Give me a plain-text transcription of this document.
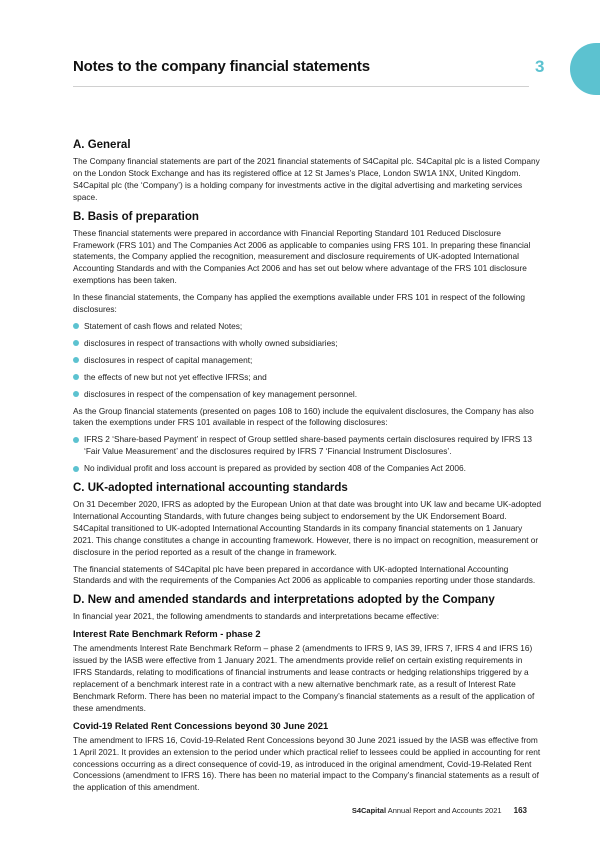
3
Notes to the company financial statements
A. General

The Company financial statements are part of the 2021 financial statements of S4Capital plc. S4Capital plc is a listed Company on the London Stock Exchange and has its registered office at 12 St James’s Place, London SW1A 1NX, United Kingdom. S4Capital plc (the ‘Company’) is a holding company for investments active in the digital advertising and marketing services space.

B. Basis of preparation

These financial statements were prepared in accordance with Financial Reporting Standard 101 Reduced Disclosure Framework (FRS 101) and The Companies Act 2006 as applicable to companies using FRS 101. In preparing these financial statements, the Company applied the recognition, measurement and disclosure requirements of UK-adopted International Accounting Standards and with the Companies Act 2006 and has set out below where advantage of the FRS 101 disclosure exemptions has been taken.

In these financial statements, the Company has applied the exemptions available under FRS 101 in respect of the following disclosures:

Statement of cash flows and related Notes;
disclosures in respect of transactions with wholly owned subsidiaries;
disclosures in respect of capital management;
the effects of new but not yet effective IFRSs; and
disclosures in respect of the compensation of key management personnel.

As the Group financial statements (presented on pages 108 to 160) include the equivalent disclosures, the Company has also taken the exemptions under FRS 101 available in respect of the following disclosures:

IFRS 2 ‘Share-based Payment’ in respect of Group settled share-based payments certain disclosures required by IFRS 13 ‘Fair Value Measurement’ and the disclosures required by IFRS 7 ‘Financial Instrument Disclosures’.
No individual profit and loss account is prepared as provided by section 408 of the Companies Act 2006.
C. UK-adopted international accounting standards

On 31 December 2020, IFRS as adopted by the European Union at that date was brought into UK law and became UK-adopted International Accounting Standards, with future changes being subject to endorsement by the UK Endorsement Board. S4Capital transitioned to UK-adopted International Accounting Standards in its company financial statements on 1 January 2021. This change constitutes a change in accounting framework. However, there is no impact on recognition, measurement or disclosure in the period reported as a result of the change in framework.

The financial statements of S4Capital plc have been prepared in accordance with UK-adopted International Accounting Standards and with the requirements of the Companies Act 2006 as applicable to companies reporting under those standards.

D. New and amended standards and interpretations adopted by the Company

In financial year 2021, the following amendments to standards and interpretations became effective:

Interest Rate Benchmark Reform - phase 2

The amendments Interest Rate Benchmark Reform – phase 2 (amendments to IFRS 9, IAS 39, IFRS 7, IFRS 4 and IFRS 16) issued by the IASB were effective from 1 January 2021. The amendments provide relief on certain existing requirements in IFRS Standards, relating to modifications of financial instruments and lease contracts or hedging relationships triggered by a replacement of a benchmark interest rate in a contract with a new alternative benchmark rate, as a result of Interest Rate Benchmark Reform. There has been no material impact to the Company’s financial statements as a result of the application of these amendments.

Covid-19 Related Rent Concessions beyond 30 June 2021

The amendment to IFRS 16, Covid-19-Related Rent Concessions beyond 30 June 2021 issued by the IASB was effective from 1 April 2021. It provides an extension to the period under which practical relief to lessees could be applied in accounting for rent concessions occurring as a direct consequence of covid-19, as introduced in the original amendment, Covid-19-Related Rent Concessions (amendment to IFRS 16). There has been no material impact to the Company’s financial statements as a result of the application of this amendment.

S4Capital Annual Report and Accounts 2021 163
